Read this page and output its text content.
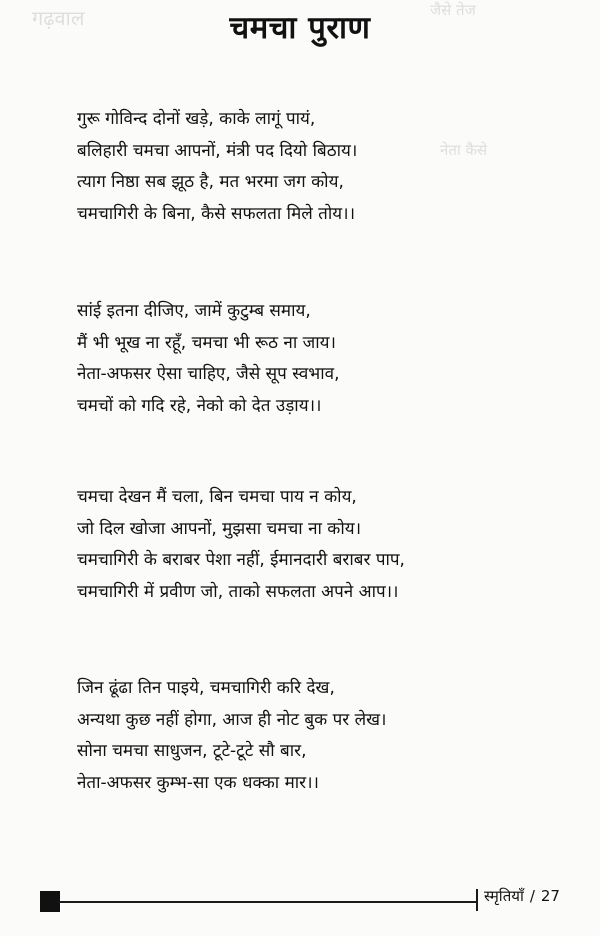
गढ़वाल	जैसे तेज
नेता कैसे
चमचा पुराण
गुरू गोविन्द दोनों खड़े, काके लागूं पायं,
बलिहारी चमचा आपनों, मंत्री पद दियो बिठाय।
त्याग निष्ठा सब झूठ है, मत भरमा जग कोय,
चमचागिरी के बिना, कैसे सफलता मिले तोय।।
सांई इतना दीजिए, जामें कुटुम्ब समाय,
मैं भी भूख ना रहूँ, चमचा भी रूठ ना जाय।
नेता-अफसर ऐसा चाहिए, जैसे सूप स्वभाव,
चमचों को गदि रहे, नेको को देत उड़ाय।।
चमचा देखन मैं चला, बिन चमचा पाय न कोय,
जो दिल खोजा आपनों, मुझसा चमचा ना कोय।
चमचागिरी के बराबर पेशा नहीं, ईमानदारी बराबर पाप,
चमचागिरी में प्रवीण जो, ताको सफलता अपने आप।।
जिन ढूंढा तिन पाइये, चमचागिरी करि देख,
अन्यथा कुछ नहीं होगा, आज ही नोट बुक पर लेख।
सोना चमचा साधुजन, टूटे-टूटे सौ बार,
नेता-अफसर कुम्भ-सा एक धक्का मार।।
स्मृतियाँ / 27
